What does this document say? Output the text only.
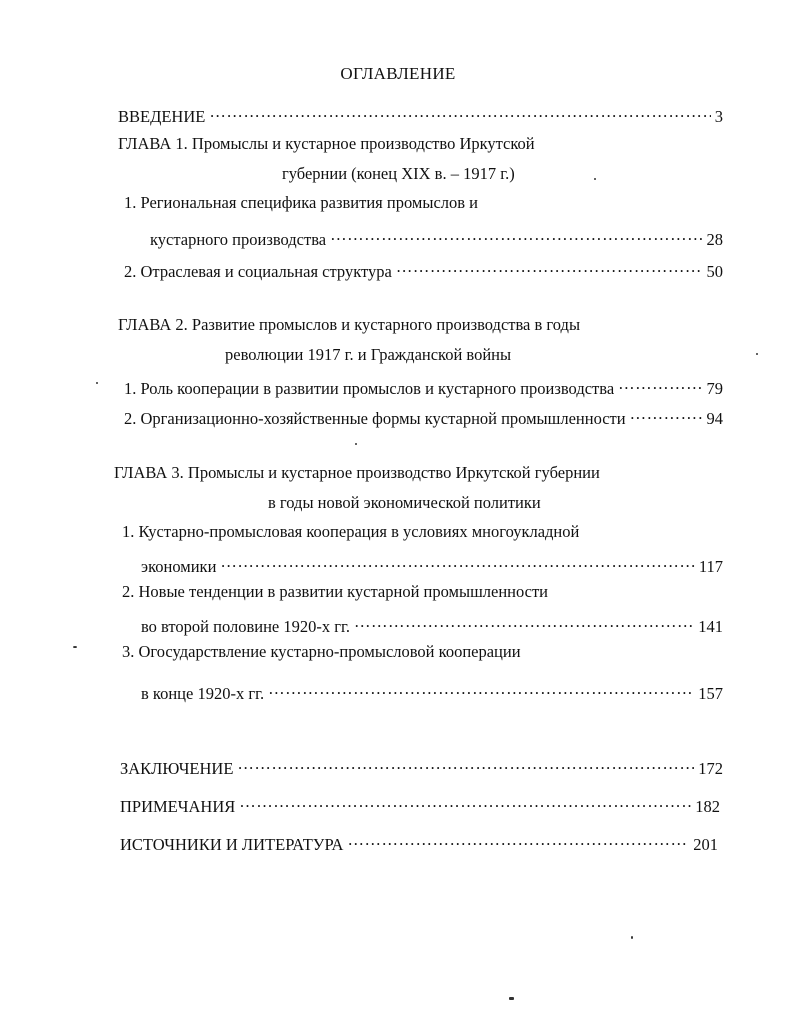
ОГЛАВЛЕНИЕ
ВВЕДЕНИЕ …………………………………………………………………………………………………………………………………………………………………………………………	3
ГЛАВА 1. Промыслы и кустарное производство Иркутской
губернии (конец XIX в. – 1917 г.)
1. Региональная специфика развития промыслов и
кустарного производства …………………………………………………………………………………………………………………………………………………………………………………………	28
2. Отраслевая и социальная структура …………………………………………………………………………………………………………………………………………………………………………………………	50
ГЛАВА 2. Развитие промыслов и кустарного производства в годы
революции 1917 г. и Гражданской войны
1. Роль кооперации в развитии промыслов и кустарного производства …………………………………………………………………………………………………………………………………………………………………………………………	79
2. Организационно-хозяйственные формы кустарной промышленности …………………………………………………………………………………………………………………………………………………………………………………………	94
ГЛАВА 3. Промыслы и кустарное производство Иркутской губернии
в годы новой экономической политики
1. Кустарно-промысловая кооперация в условиях многоукладной
экономики …………………………………………………………………………………………………………………………………………………………………………………………	117
2. Новые тенденции в развитии кустарной промышленности
во второй половине 1920-х гг. …………………………………………………………………………………………………………………………………………………………………………………………	141
3. Огосударствление кустарно-промысловой кооперации
в конце 1920-х гг. …………………………………………………………………………………………………………………………………………………………………………………………	157
ЗАКЛЮЧЕНИЕ …………………………………………………………………………………………………………………………………………………………………………………………	172
ПРИМЕЧАНИЯ …………………………………………………………………………………………………………………………………………………………………………………………	182
ИСТОЧНИКИ И ЛИТЕРАТУРА …………………………………………………………………………………………………………………………………………………………………………………………	201
